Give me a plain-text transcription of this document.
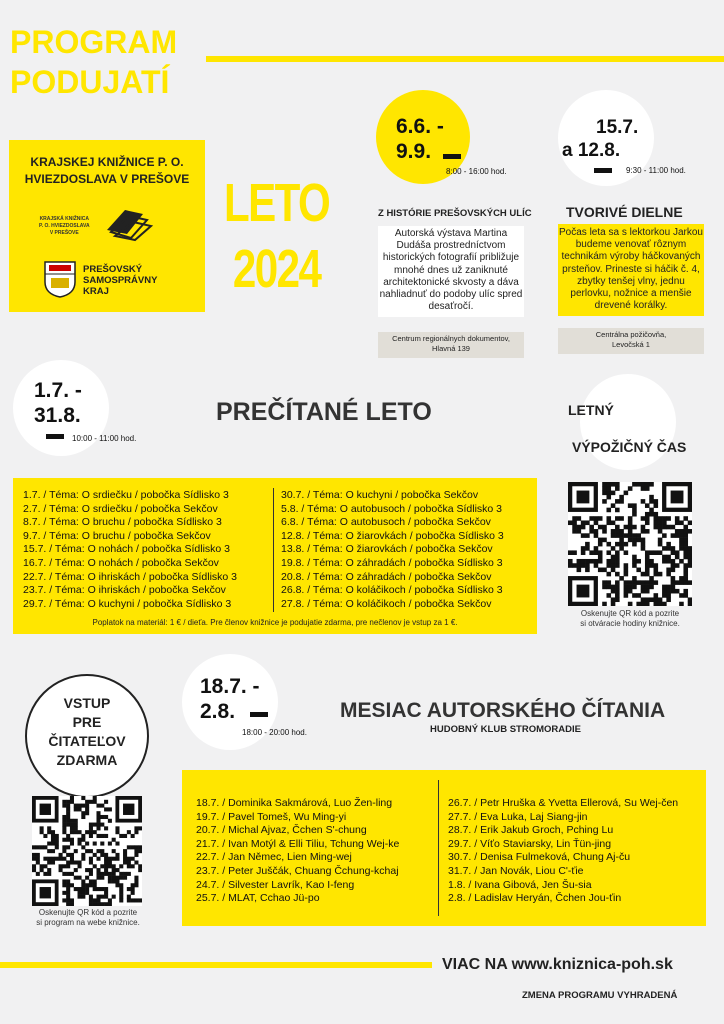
PROGRAM
PODUJATÍ
KRAJSKEJ KNIŽNICE P. O.
HVIEZDOSLAVA V PREŠOVE
KRAJSKÁ KNIŽNICA
P. O. HVIEZDOSLAVA
V PREŠOVE
PREŠOVSKÝ
SAMOSPRÁVNY
KRAJ
LETO
2024
6.6. -
9.9.
8:00 - 16:00 hod.
Z HISTÓRIE PREŠOVSKÝCH ULÍC
Autorská výstava Martina Dudáša prostredníctvom historických fotografií približuje mnohé dnes už zaniknuté architektonické skvosty a dáva nahliadnuť do podoby ulíc spred desaťročí.
Centrum regionálnych dokumentov,
Hlavná 139
15.7.
a 12.8.
9:30 - 11:00 hod.
TVORIVÉ DIELNE
Počas leta sa s lektorkou Jarkou budeme venovať rôznym technikám výroby háčkovaných prsteňov. Prineste si háčik č. 4, zbytky tenšej vlny, jednu perlovku, nožnice a menšie drevené korálky.
Centrálna požičovňa,
Levočská 1
1.7. -
31.8.
10:00 - 11:00 hod.
PREČÍTANÉ LETO
1.7. / Téma: O srdiečku / pobočka Sídlisko 3
2.7. / Téma: O srdiečku / pobočka Sekčov
8.7. / Téma: O bruchu / pobočka Sídlisko 3
9.7. / Téma: O bruchu / pobočka Sekčov
15.7. / Téma: O nohách / pobočka Sídlisko 3
16.7. / Téma: O nohách / pobočka Sekčov
22.7. / Téma: O ihriskách / pobočka Sídlisko 3
23.7. / Téma: O ihriskách / pobočka Sekčov
29.7. / Téma: O kuchyni / pobočka Sídlisko 3
30.7. / Téma: O kuchyni / pobočka Sekčov
5.8. / Téma: O autobusoch / pobočka Sídlisko 3
6.8. / Téma: O autobusoch / pobočka Sekčov
12.8. / Téma: O žiarovkách / pobočka Sídlisko 3
13.8. / Téma: O žiarovkách / pobočka Sekčov
19.8. / Téma: O záhradách / pobočka Sídlisko 3
20.8. / Téma: O záhradách / pobočka Sekčov
26.8. / Téma: O koláčikoch / pobočka Sídlisko 3
27.8. / Téma: O koláčikoch / pobočka Sekčov
Poplatok na materiál: 1 € / dieťa. Pre členov knižnice je podujatie zdarma, pre nečlenov je vstup za 1 €.
LETNÝ
VÝPOŽIČNÝ ČAS
Oskenujte QR kód a pozrite
si otváracie hodiny knižnice.
VSTUP
PRE
ČITATEĽOV
ZDARMA
Oskenujte QR kód a pozrite
si program na webe knižnice.
18.7. -
2.8.
18:00 - 20:00 hod.
MESIAC AUTORSKÉHO ČÍTANIA
HUDOBNÝ KLUB STROMORADIE
18.7. / Dominika Sakmárová, Luo Žen-ling
19.7. / Pavel Tomeš, Wu Ming-yi
20.7. / Michal Ajvaz, Čchen S'-chung
21.7. / Ivan Motýl & Elli Tiliu, Tchung Wej-ke
22.7. / Jan Němec, Lien Ming-wej
23.7. / Peter Juščák, Chuang Čchung-kchaj
24.7. / Silvester Lavrík, Kao I-feng
25.7. / MLAT, Cchao Jü-po
26.7. / Petr Hruška & Yvetta Ellerová, Su Wej-čen
27.7. / Eva Luka, Laj Siang-jin
28.7. / Erik Jakub Groch, Pching Lu
29.7. / Víťo Staviarsky, Lin Ťün-jing
30.7. / Denisa Fulmeková, Chung Aj-ču
31.7. / Jan Novák, Liou C'-ťie
1.8. / Ivana Gibová, Jen Šu-sia
2.8. / Ladislav Heryán, Čchen Jou-ťin
VIAC NA www.kniznica-poh.sk
ZMENA PROGRAMU VYHRADENÁ
